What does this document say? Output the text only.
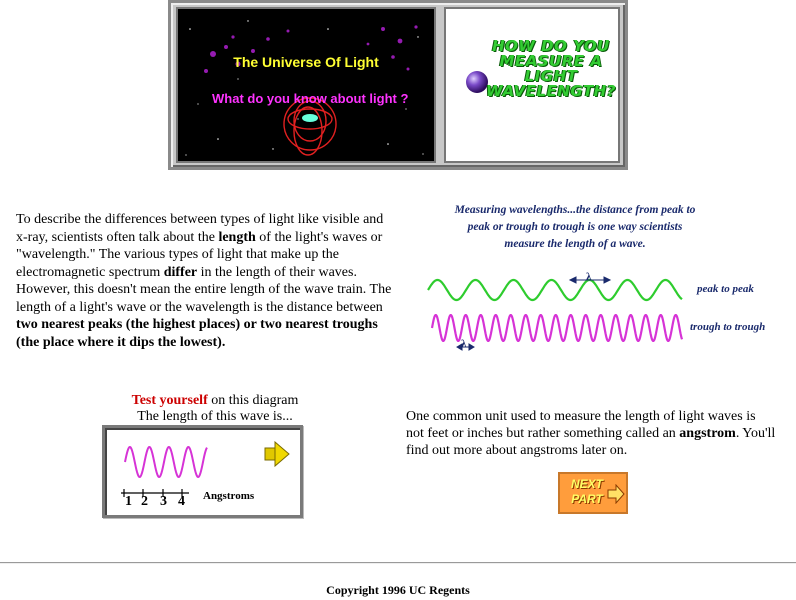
The Universe Of Light
What do you know about light ?
HOW DO YOU MEASURE A LIGHT WAVELENGTH?
To describe the differences between types of light like visible and x-ray, scientists often talk about the length of the light's waves or "wavelength." The various types of light that make up the electromagnetic spectrum differ in the length of their waves. However, this doesn't mean the entire length of the wave train. The length of a light's wave or the wavelength is the distance between two nearest peaks (the highest places) or two nearest troughs (the place where it dips the lowest).
Measuring wavelengths...the distance from peak to peak or trough to trough is one way scientists measure the length of a wave.
λ
λ
peak to peak
trough to trough
Test yourself on this diagram
The length of this wave is...
1 2 3 4 Angstroms
One common unit used to measure the length of light waves is not feet or inches but rather something called an angstrom. You'll find out more about angstroms later on.
NEXT
PART
Copyright 1996 UC Regents
